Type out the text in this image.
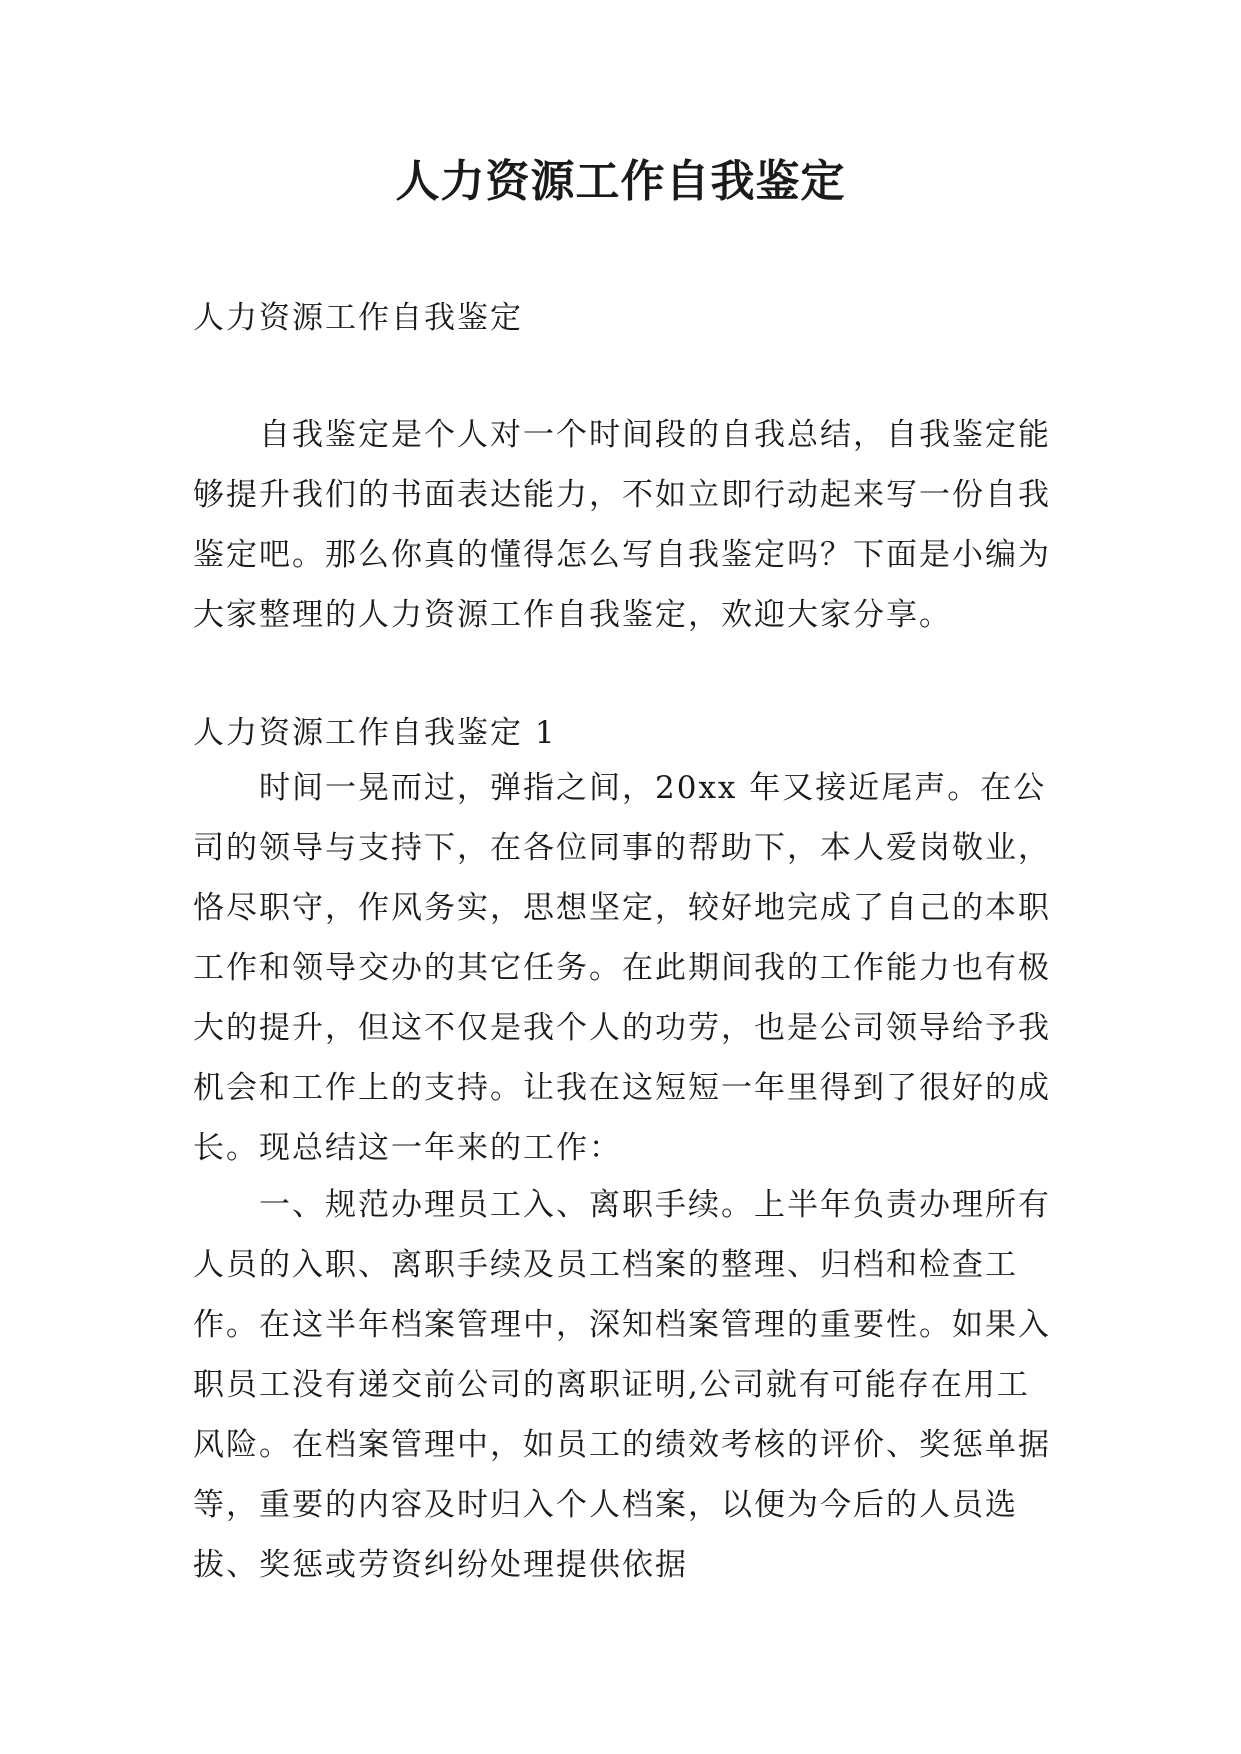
人力资源工作自我鉴定

人力资源工作自我鉴定

自我鉴定是个人对一个时间段的自我总结，自我鉴定能够提升我们的书面表达能力，不如立即行动起来写一份自我鉴定吧。那么你真的懂得怎么写自我鉴定吗？下面是小编为大家整理的人力资源工作自我鉴定，欢迎大家分享。

人力资源工作自我鉴定 1

时间一晃而过，弹指之间，20xx 年又接近尾声。在公司的领导与支持下，在各位同事的帮助下，本人爱岗敬业，恪尽职守，作风务实，思想坚定，较好地完成了自己的本职工作和领导交办的其它任务。在此期间我的工作能力也有极大的提升，但这不仅是我个人的功劳，也是公司领导给予我机会和工作上的支持。让我在这短短一年里得到了很好的成长。现总结这一年来的工作：

一、规范办理员工入、离职手续。上半年负责办理所有人员的入职、离职手续及员工档案的整理、归档和检查工作。在这半年档案管理中，深知档案管理的重要性。如果入职员工没有递交前公司的离职证明,公司就有可能存在用工风险。在档案管理中，如员工的绩效考核的评价、奖惩单据等，重要的内容及时归入个人档案，以便为今后的人员选拔、奖惩或劳资纠纷处理提供依据
